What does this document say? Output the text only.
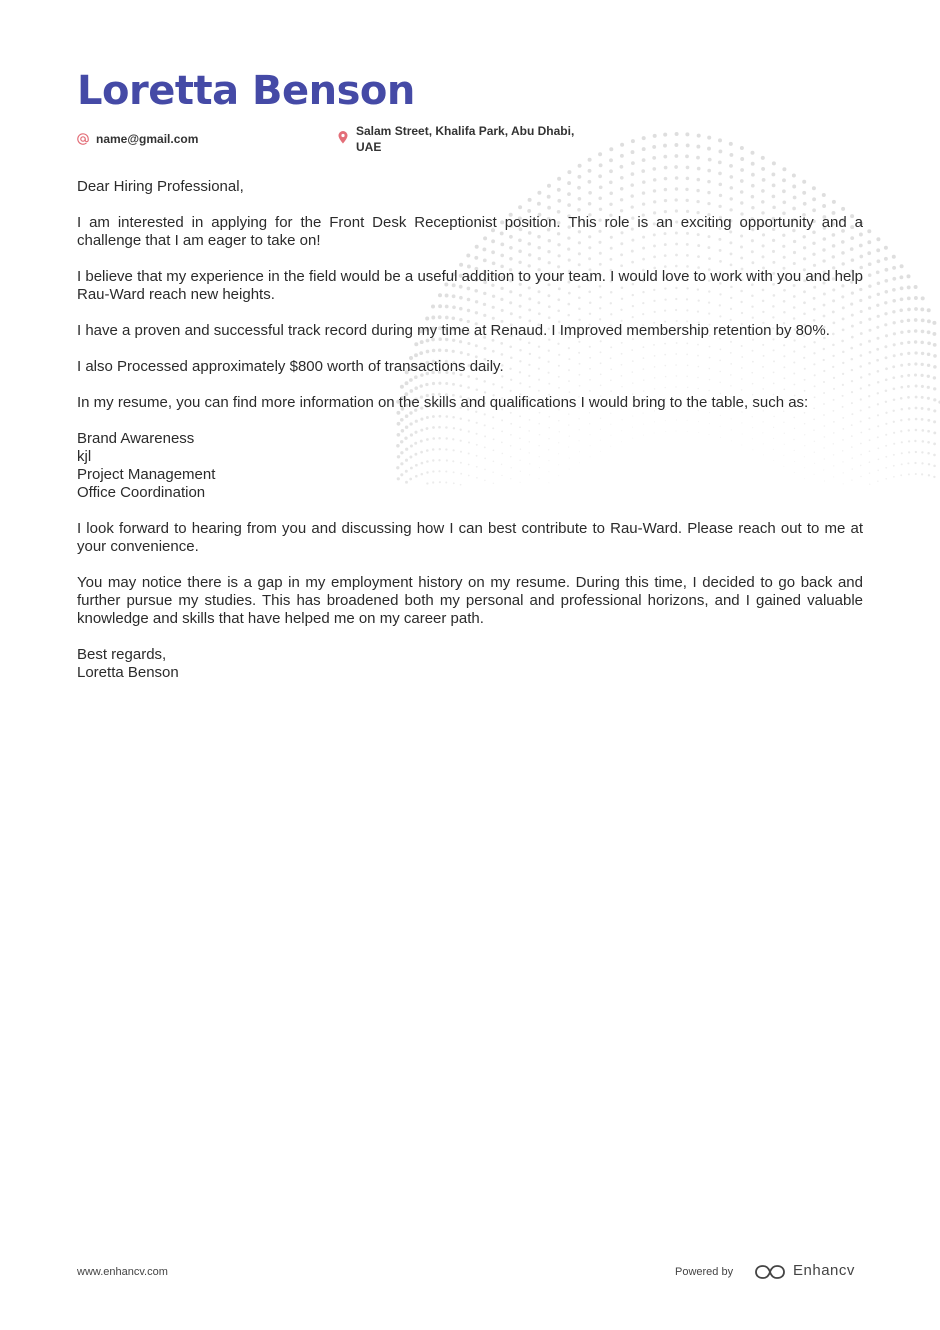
Loretta Benson
name@gmail.com
Salam Street, Khalifa Park, Abu Dhabi,
UAE

Dear Hiring Professional,

I am interested in applying for the Front Desk Receptionist position. This role is an exciting opportunity and a challenge that I am eager to take on!

I believe that my experience in the field would be a useful addition to your team. I would love to work with you and help Rau-Ward reach new heights.

I have a proven and successful track record during my time at Renaud. I Improved membership retention by 80%.

I also Processed approximately $800 worth of transactions daily.

In my resume, you can find more information on the skills and qualifications I would bring to the table, such as:

Brand Awareness

kjl

Project Management

Office Coordination

I look forward to hearing from you and discussing how I can best contribute to Rau-Ward. Please reach out to me at your convenience.

You may notice there is a gap in my employment history on my resume. During this time, I decided to go back and further pursue my studies. This has broadened both my personal and professional horizons, and I gained valuable knowledge and skills that have helped me on my career path.

Best regards,

Loretta Benson

www.enhancv.com	Powered by	Enhancv
